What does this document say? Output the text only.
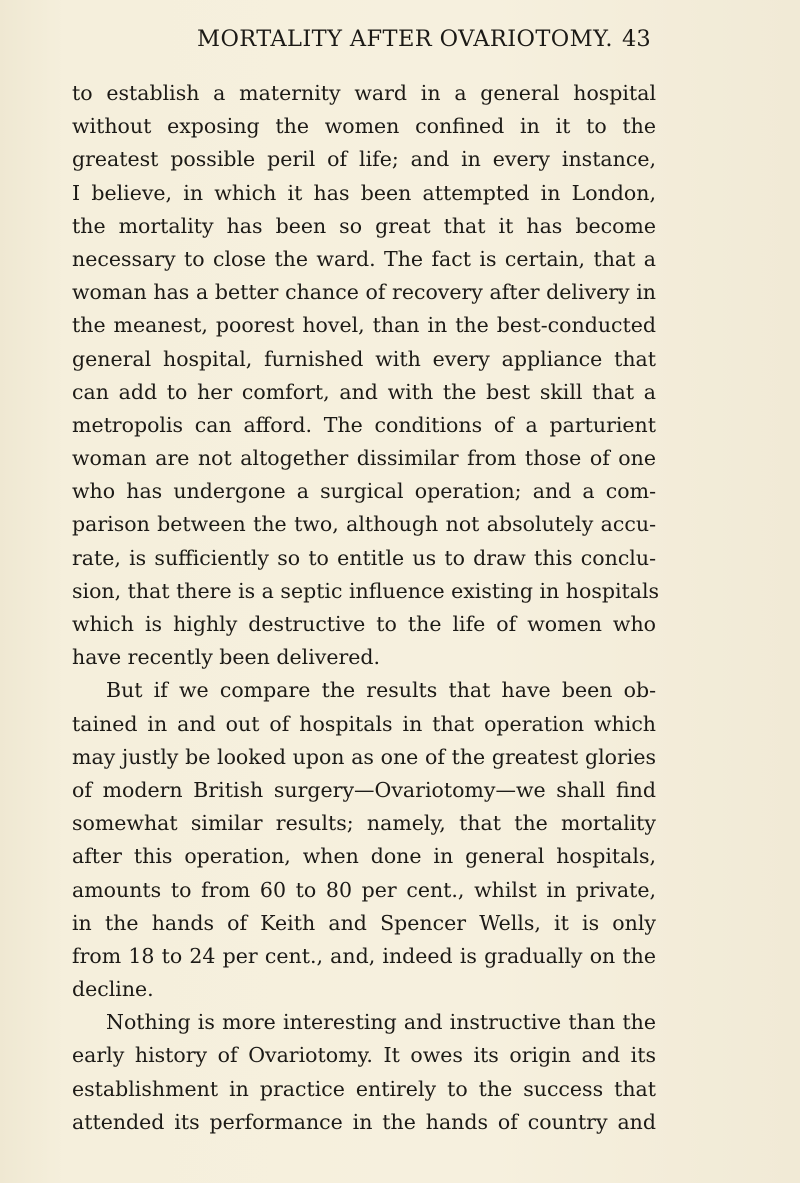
MORTALITY AFTER OVARIOTOMY. 43
to establish a maternity ward in a general hospital
without exposing the women confined in it to the
greatest possible peril of life; and in every instance,
I believe, in which it has been attempted in London,
the mortality has been so great that it has become
necessary to close the ward. The fact is certain, that a
woman has a better chance of recovery after delivery in
the meanest, poorest hovel, than in the best-conducted
general hospital, furnished with every appliance that
can add to her comfort, and with the best skill that a
metropolis can afford. The conditions of a parturient
woman are not altogether dissimilar from those of one
who has undergone a surgical operation; and a com-
parison between the two, although not absolutely accu-
rate, is sufficiently so to entitle us to draw this conclu-
sion, that there is a septic influence existing in hospitals
which is highly destructive to the life of women who
have recently been delivered.
But if we compare the results that have been ob-
tained in and out of hospitals in that operation which
may justly be looked upon as one of the greatest glories
of modern British surgery—Ovariotomy—we shall find
somewhat similar results; namely, that the mortality
after this operation, when done in general hospitals,
amounts to from 60 to 80 per cent., whilst in private,
in the hands of Keith and Spencer Wells, it is only
from 18 to 24 per cent., and, indeed is gradually on the
decline.
Nothing is more interesting and instructive than the
early history of Ovariotomy. It owes its origin and its
establishment in practice entirely to the success that
attended its performance in the hands of country and
